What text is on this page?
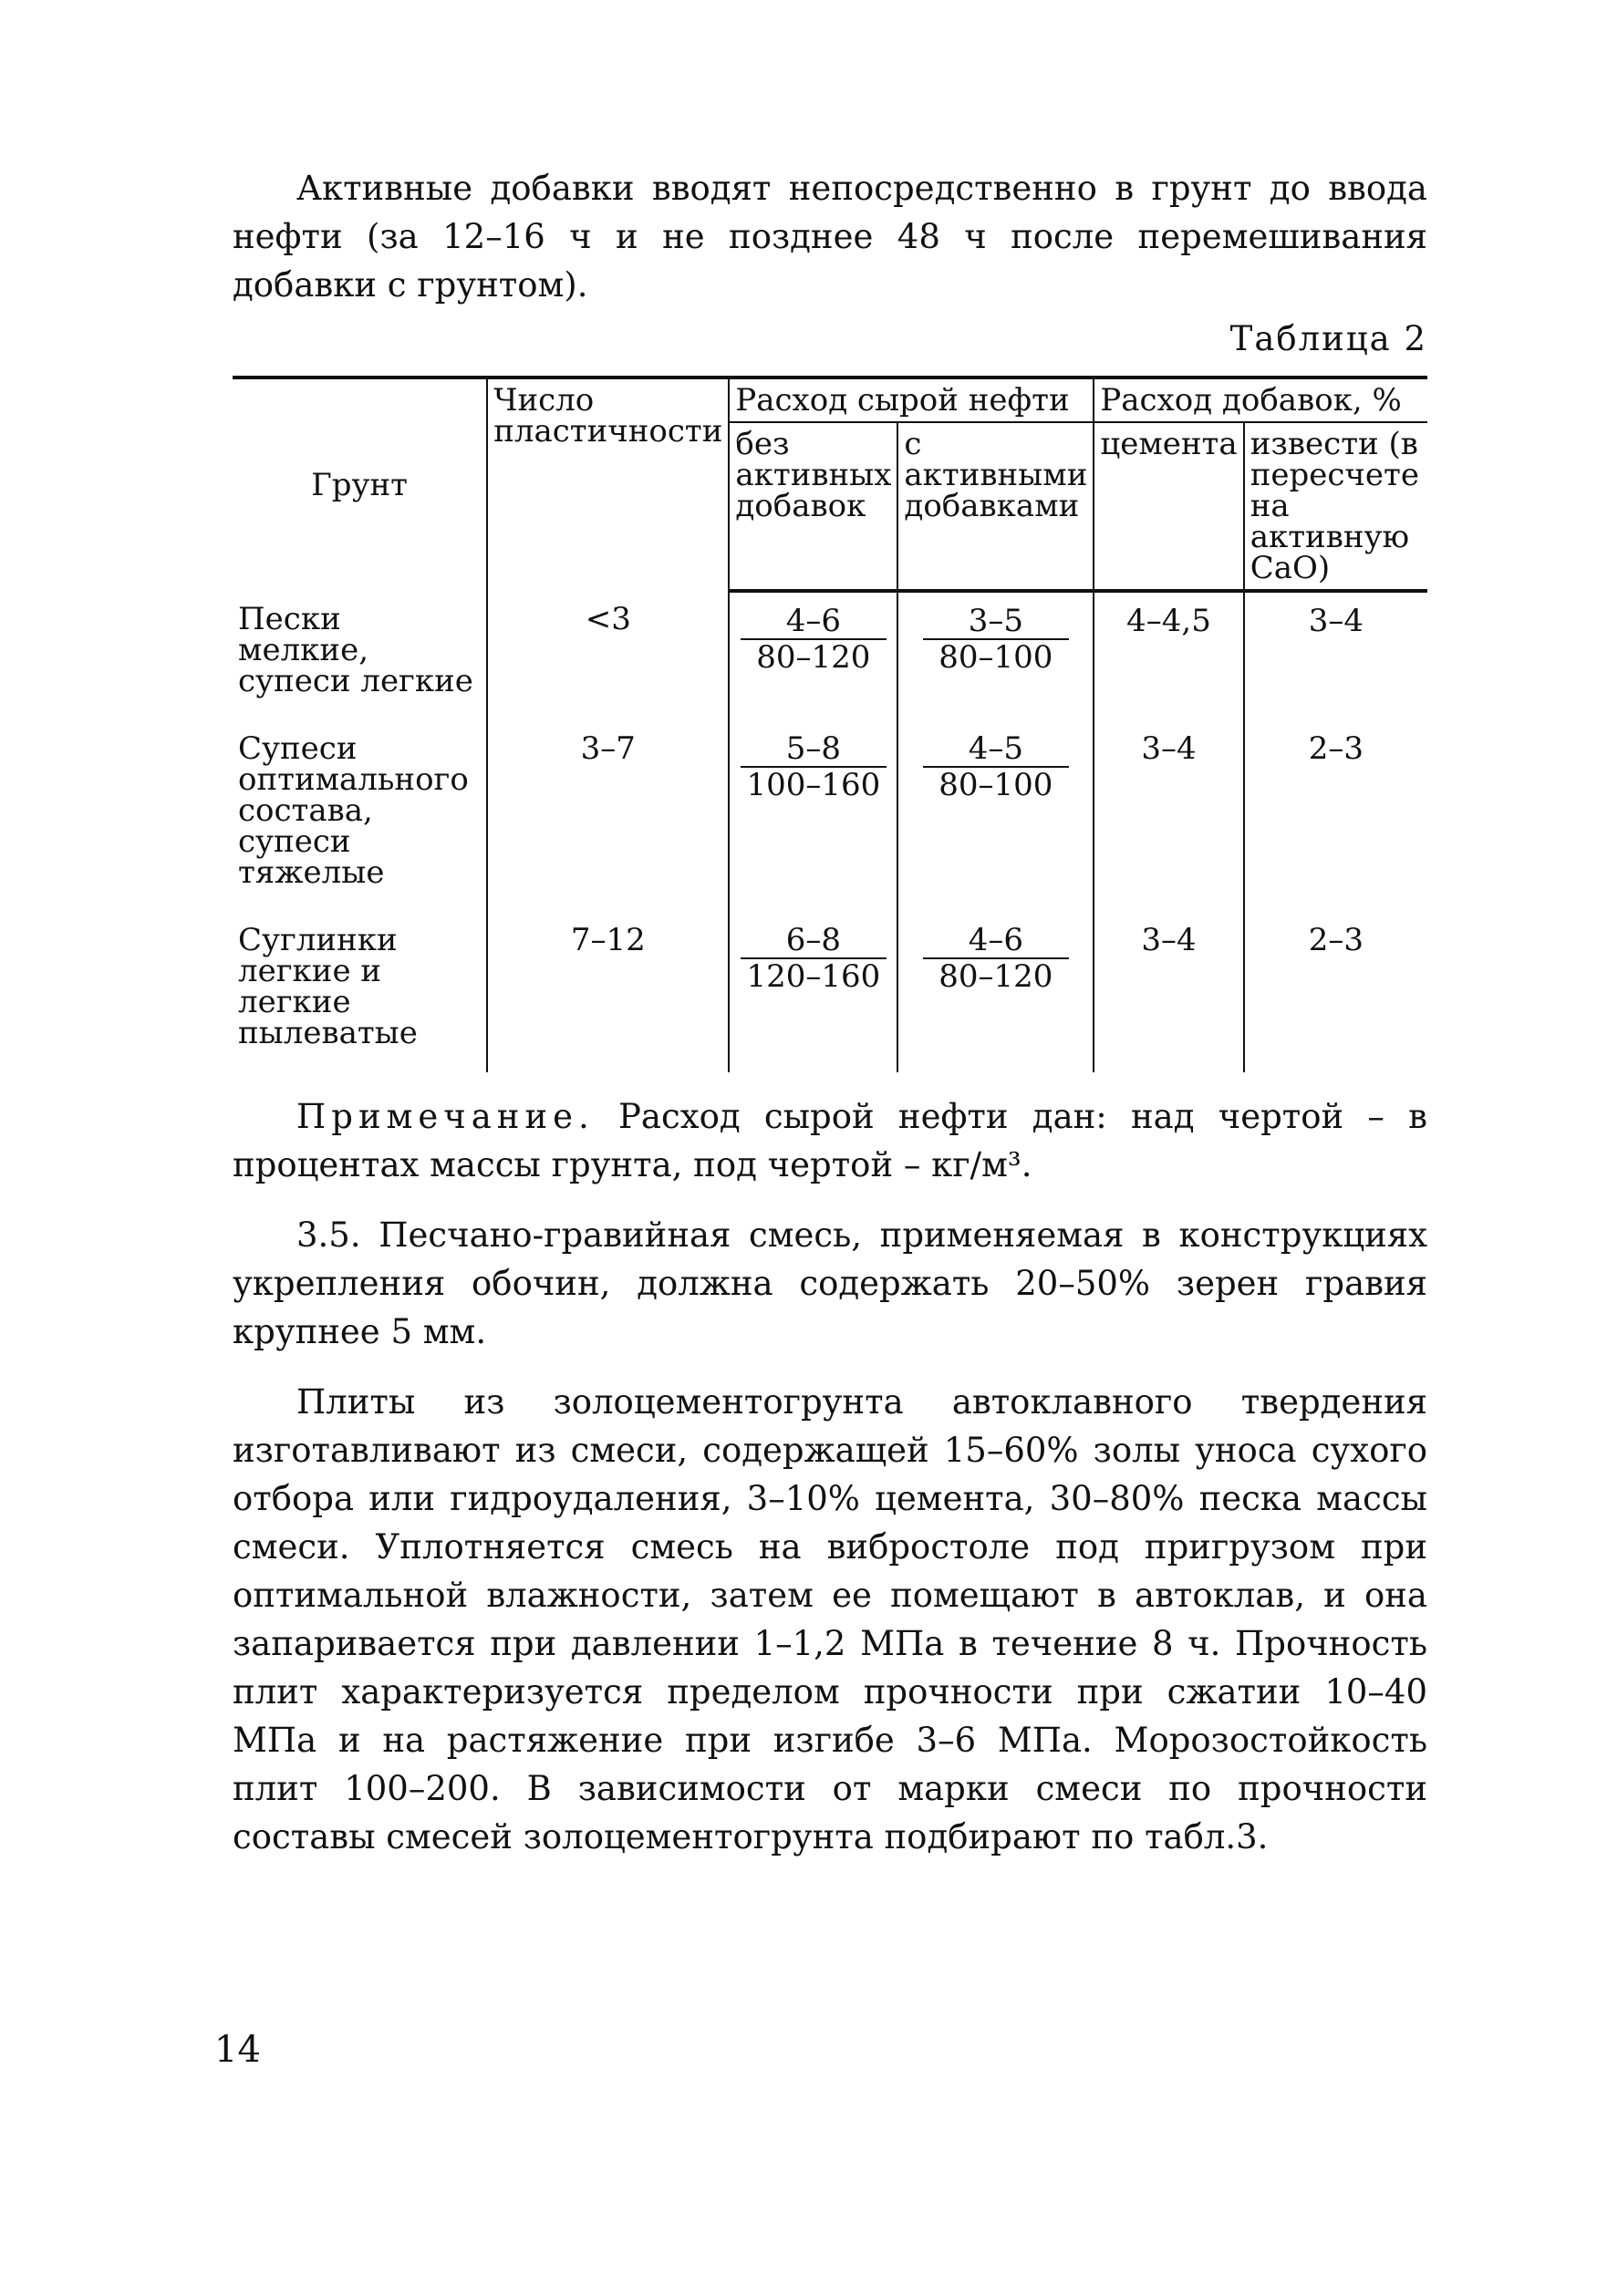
Активные добавки вводят непосредственно в грунт до ввода нефти (за 12–16 ч и не позднее 48 ч после перемешивания добавки с грунтом).

Таблица 2
Грунт	Число пластичности	Расход сырой нефти		Расход добавок, %	
		без активных добавок	с активными добавками	цемента	извести (в пересчете на активную CaO)
Пески мелкие, супеси легкие	<3	$\frac{4-6}{80-120}$	$\frac{3-5}{80-100}$	4–4,5	3–4
Супеси оптимального состава, супеси тяжелые	3–7	$\frac{5-8}{100-160}$	$\frac{4-5}{80-100}$	3–4	2–3
Суглинки легкие и легкие пылеватые	7–12	$\frac{6-8}{120-160}$	$\frac{4-6}{80-120}$	3–4	2–3

Примечание. Расход сырой нефти дан: над чертой – в процентах массы грунта, под чертой – кг/м³.

3.5. Песчано-гравийная смесь, применяемая в конструкциях укрепления обочин, должна содержать 20–50% зерен гравия крупнее 5 мм.

Плиты из золоцементогрунта автоклавного твердения изготавливают из смеси, содержащей 15–60% золы уноса сухого отбора или гидроудаления, 3–10% цемента, 30–80% песка массы смеси. Уплотняется смесь на вибростоле под пригрузом при оптимальной влажности, затем ее помещают в автоклав, и она запаривается при давлении 1–1,2 МПа в течение 8 ч. Прочность плит характеризуется пределом прочности при сжатии 10–40 МПа и на растяжение при изгибе 3–6 МПа. Морозостойкость плит 100–200. В зависимости от марки смеси по прочности составы смесей золоцементогрунта подбирают по табл.3.

14
